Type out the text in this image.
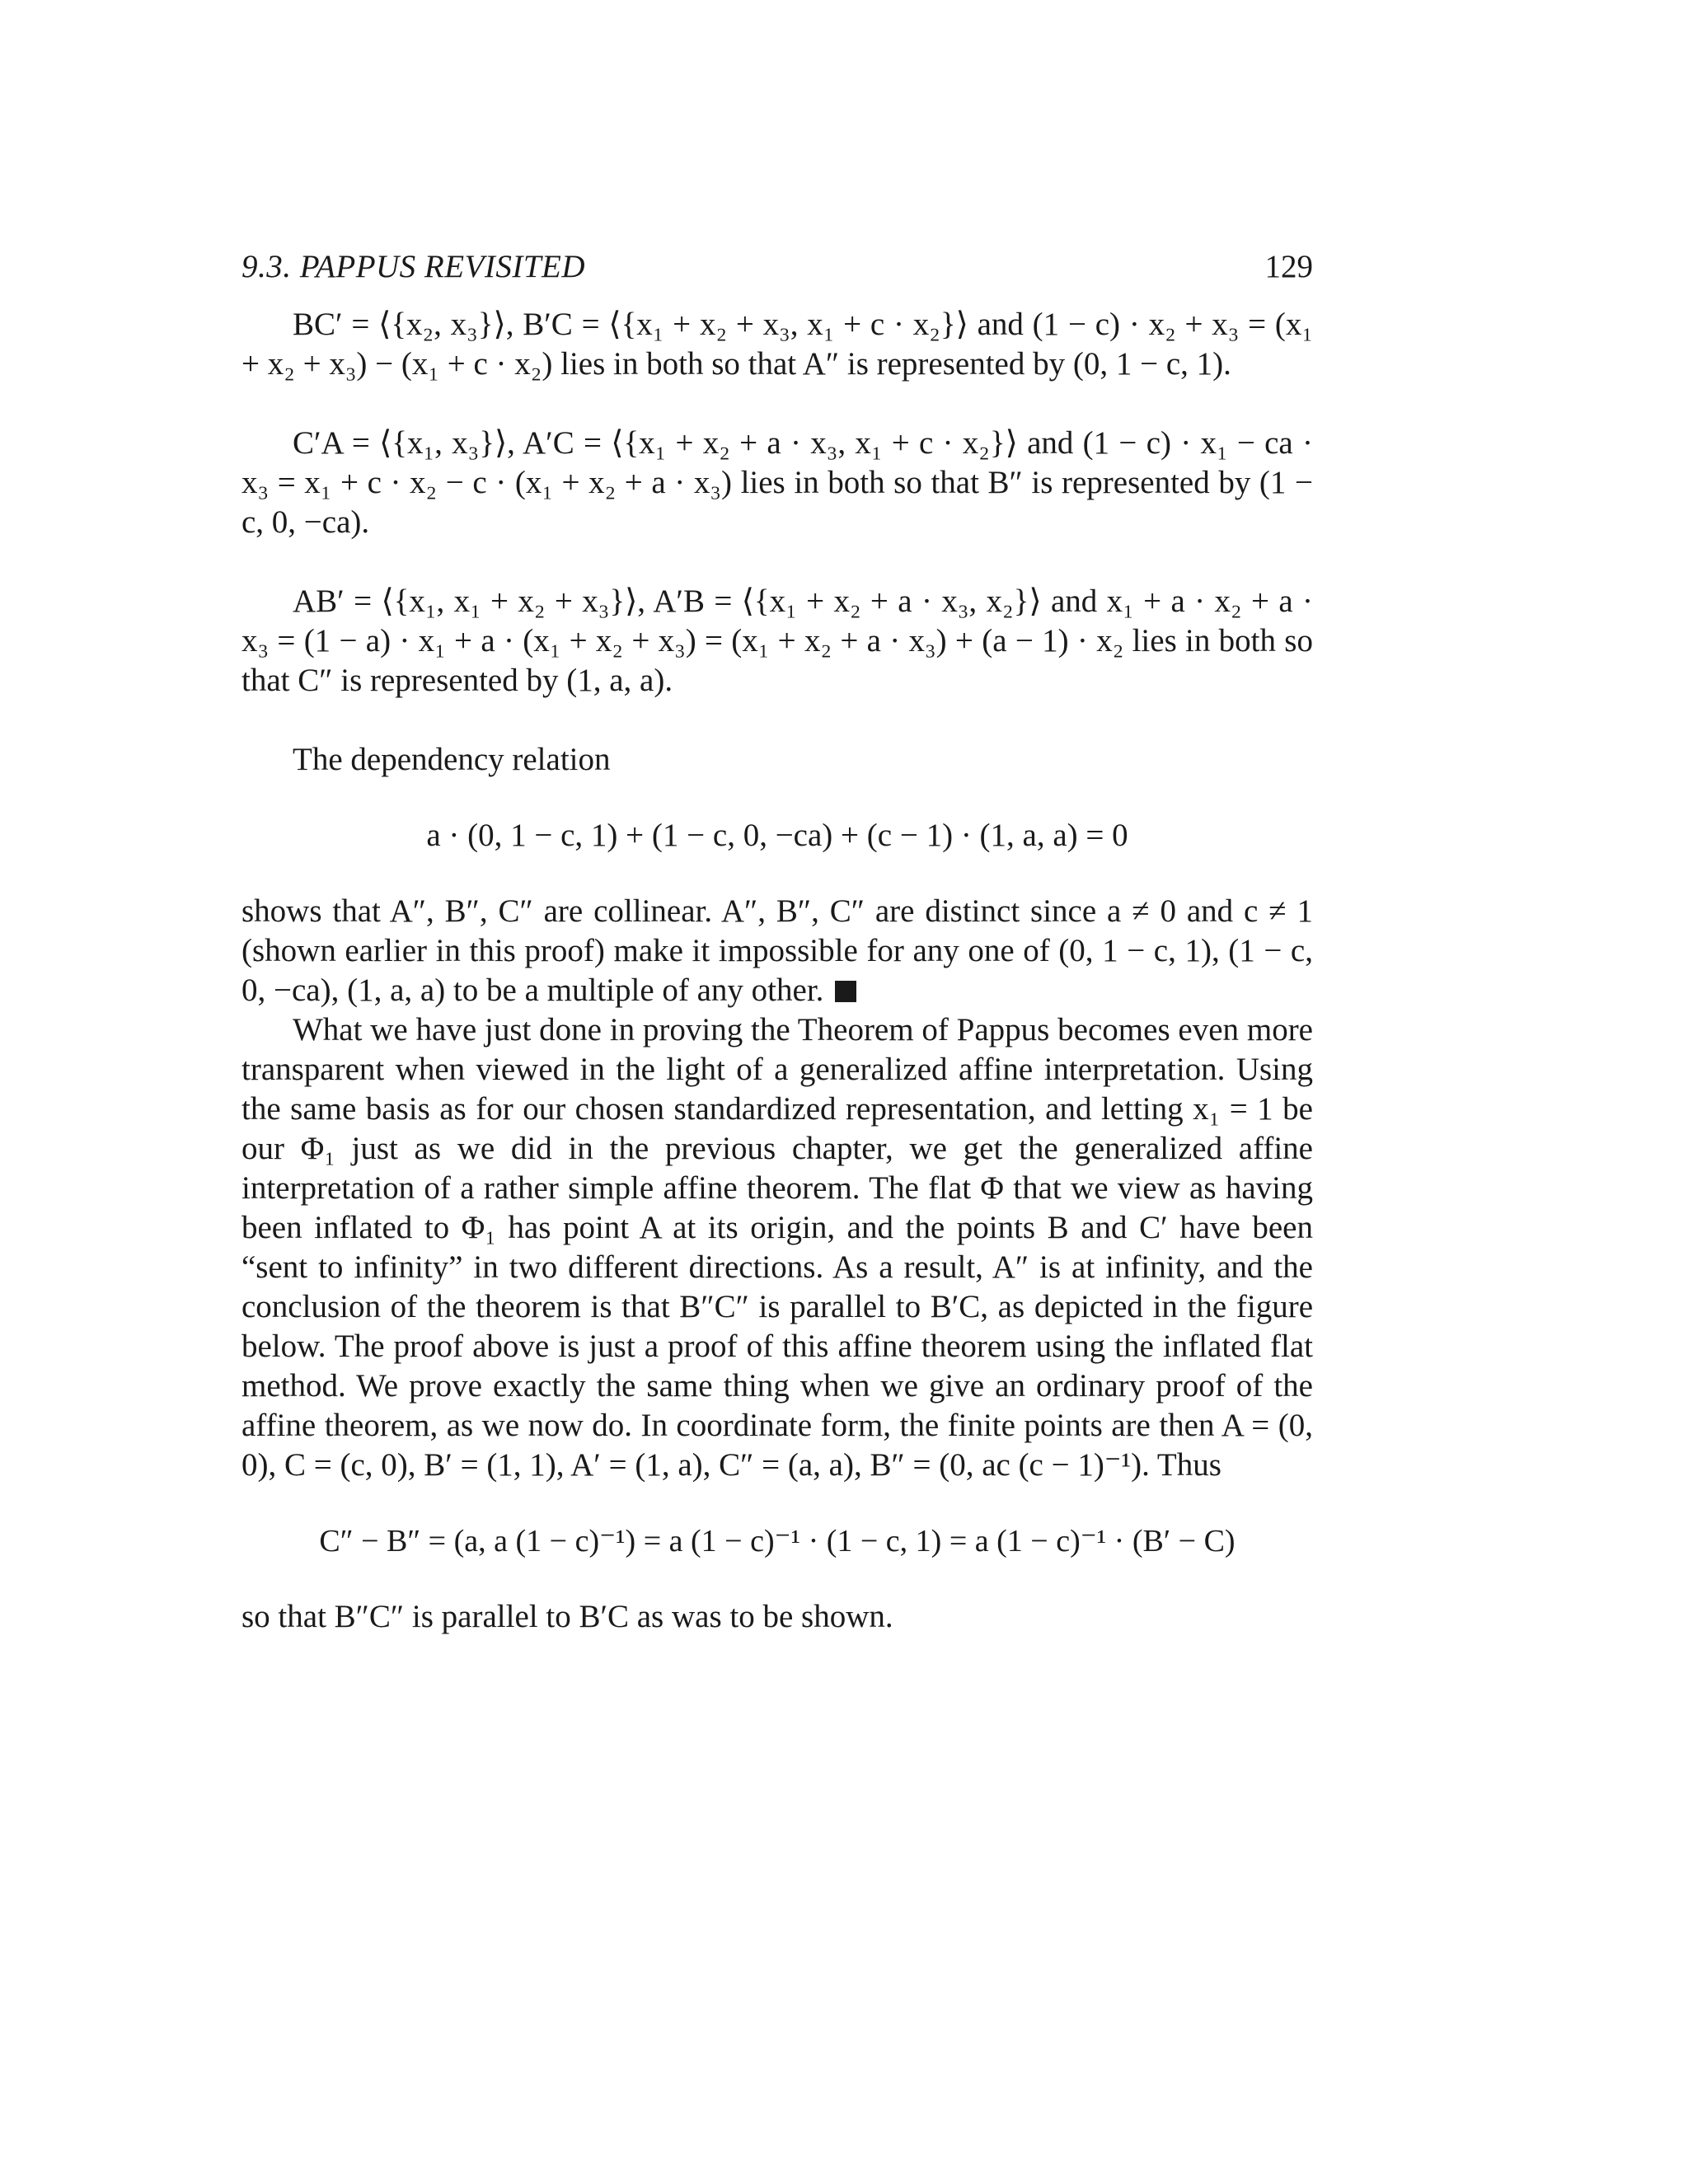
9.3. PAPPUS REVISITED	129

BC′ = ⟨{x₂, x₃}⟩, B′C = ⟨{x₁ + x₂ + x₃, x₁ + c · x₂}⟩ and (1 − c) · x₂ + x₃ = (x₁ + x₂ + x₃) − (x₁ + c · x₂) lies in both so that A″ is represented by (0, 1 − c, 1).

C′A = ⟨{x₁, x₃}⟩, A′C = ⟨{x₁ + x₂ + a · x₃, x₁ + c · x₂}⟩ and (1 − c) · x₁ − ca · x₃ = x₁ + c · x₂ − c · (x₁ + x₂ + a · x₃) lies in both so that B″ is represented by (1 − c, 0, −ca).

AB′ = ⟨{x₁, x₁ + x₂ + x₃}⟩, A′B = ⟨{x₁ + x₂ + a · x₃, x₂}⟩ and x₁ + a · x₂ + a · x₃ = (1 − a) · x₁ + a · (x₁ + x₂ + x₃) = (x₁ + x₂ + a · x₃) + (a − 1) · x₂ lies in both so that C″ is represented by (1, a, a).

The dependency relation

a · (0, 1 − c, 1) + (1 − c, 0, −ca) + (c − 1) · (1, a, a) = 0

shows that A″, B″, C″ are collinear. A″, B″, C″ are distinct since a ≠ 0 and c ≠ 1 (shown earlier in this proof) make it impossible for any one of (0, 1 − c, 1), (1 − c, 0, −ca), (1, a, a) to be a multiple of any other.

What we have just done in proving the Theorem of Pappus becomes even more transparent when viewed in the light of a generalized affine interpretation. Using the same basis as for our chosen standardized representation, and letting x₁ = 1 be our Φ₁ just as we did in the previous chapter, we get the generalized affine interpretation of a rather simple affine theorem. The flat Φ that we view as having been inflated to Φ₁ has point A at its origin, and the points B and C′ have been “sent to infinity” in two different directions. As a result, A″ is at infinity, and the conclusion of the theorem is that B″C″ is parallel to B′C, as depicted in the figure below. The proof above is just a proof of this affine theorem using the inflated flat method. We prove exactly the same thing when we give an ordinary proof of the affine theorem, as we now do. In coordinate form, the finite points are then A = (0, 0), C = (c, 0), B′ = (1, 1), A′ = (1, a), C″ = (a, a), B″ = (0, ac (c − 1)⁻¹). Thus

C″ − B″ = (a, a (1 − c)⁻¹) = a (1 − c)⁻¹ · (1 − c, 1) = a (1 − c)⁻¹ · (B′ − C)

so that B″C″ is parallel to B′C as was to be shown.
